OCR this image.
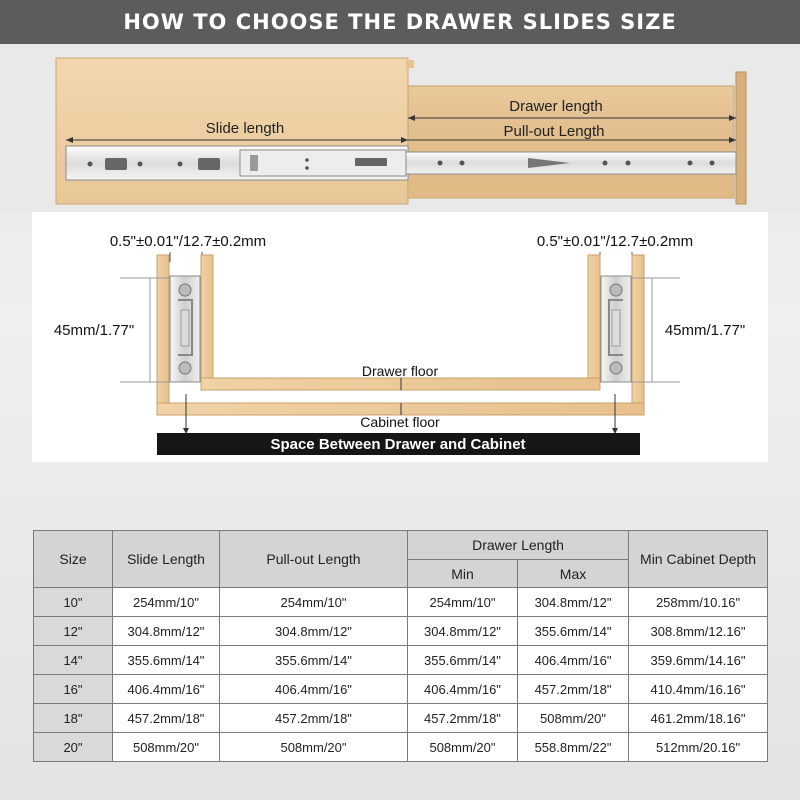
HOW TO CHOOSE THE DRAWER SLIDES SIZE
Drawer length
Slide length	Pull-out Length
0.5"±0.01"/12.7±0.2mm	0.5"±0.01"/12.7±0.2mm
45mm/1.77"	45mm/1.77"
Drawer floor
Cabinet floor
Space Between Drawer and Cabinet
Size	Slide Length	Pull-out Length	Drawer Length		Min Cabinet Depth
			Min	Max	
10"	254mm/10"	254mm/10"	254mm/10"	304.8mm/12"	258mm/10.16"
12"	304.8mm/12"	304.8mm/12"	304.8mm/12"	355.6mm/14"	308.8mm/12.16"
14"	355.6mm/14"	355.6mm/14"	355.6mm/14"	406.4mm/16"	359.6mm/14.16"
16"	406.4mm/16"	406.4mm/16"	406.4mm/16"	457.2mm/18"	410.4mm/16.16"
18"	457.2mm/18"	457.2mm/18"	457.2mm/18"	508mm/20"	461.2mm/18.16"
20"	508mm/20"	508mm/20"	508mm/20"	558.8mm/22"	512mm/20.16"
